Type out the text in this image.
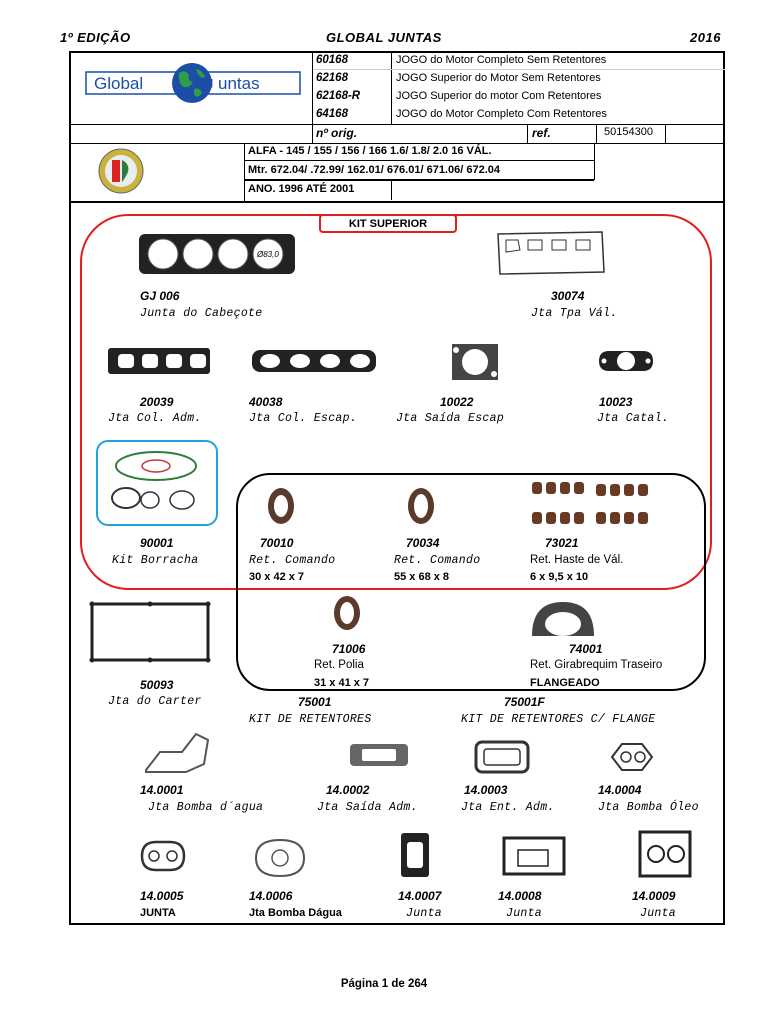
1º EDIÇÃO	GLOBAL JUNTAS	2016
Global	J untas
60168	JOGO do Motor Completo Sem Retentores
62168	JOGO Superior do Motor Sem Retentores
62168-R	JOGO Superior do motor Com Retentores
64168	JOGO do Motor Completo Com Retentores
nº orig.	ref.	50154300
ALFA - 145 / 155 / 156 / 166 1.6/ 1.8/ 2.0 16 VÁL.
Mtr. 672.04/ .72.99/ 162.01/ 676.01/ 671.06/ 672.04
ANO. 1996 ATÉ 2001
KIT SUPERIOR
Ø83,0
GJ 006
Junta do Cabeçote
30074
Jta Tpa Vál.
20039
Jta Col. Adm.
40038
Jta Col. Escap.
10022
Jta Saída Escap
10023
Jta Catal.
90001
Kit Borracha
70010
Ret. Comando
30 x 42 x 7
70034
Ret. Comando
55 x 68 x 8
73021
Ret. Haste de Vál.
6 x 9,5 x 10
50093
Jta do Carter
71006
Ret. Polia
31 x 41 x 7
74001
Ret. Girabrequim Traseiro
FLANGEADO
75001
KIT DE RETENTORES
75001F
KIT DE RETENTORES C/ FLANGE
14.0001
Jta Bomba d´agua
14.0002
Jta Saída Adm.
14.0003
Jta Ent. Adm.
14.0004
Jta Bomba Óleo
14.0005
JUNTA
14.0006
Jta Bomba Dágua
14.0007
Junta
14.0008
Junta
14.0009
Junta
Página 1 de 264
